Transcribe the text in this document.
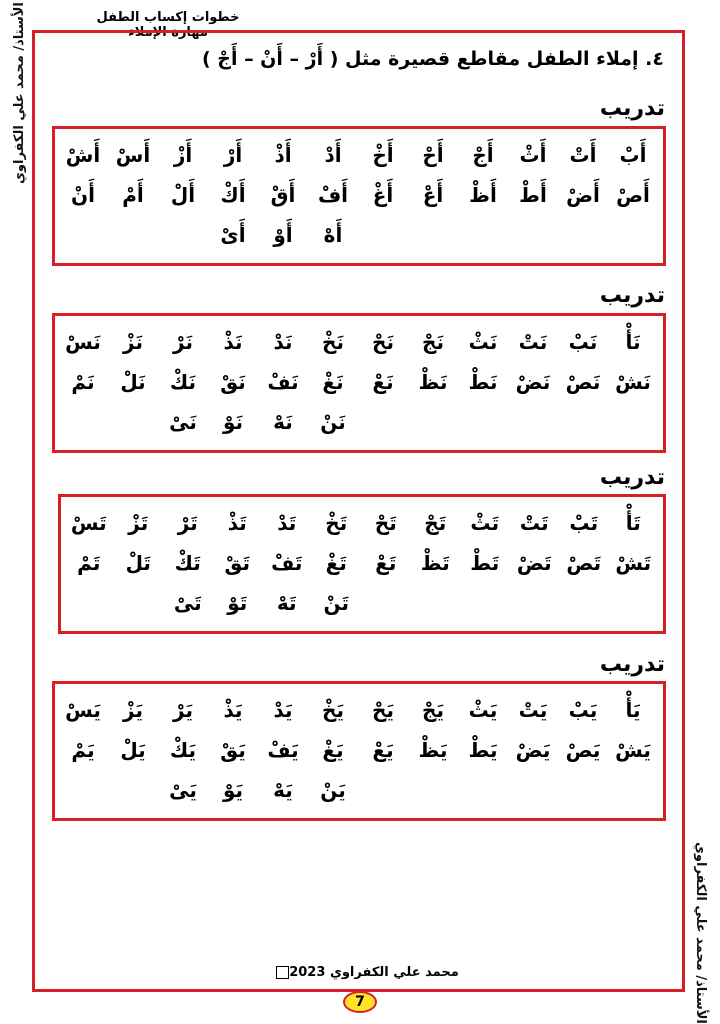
خطوات إكساب الطفل
الأستاذ/ محمد علي الكفراوي
الأستاذ/ محمد علي الكفراوي
٤. إملاء الطفل مقاطع قصيرة مثل ( أَرْ – أَنْ – أَجْ )
تدريب
أَبْ
أَتْ
أَثْ
أَجْ
أَحْ
أَخْ
أَدْ
أَذْ
أَرْ
أَزْ
أَسْ
أَشْ
أَصْ
أَضْ
أَطْ
أَظْ
أَعْ
أَغْ
أَفْ
أَقْ
أَكْ
أَلْ
أَمْ
أَنْ
أَهْ
أَوْ
أَىْ
تدريب
نَأْ
نَبْ
نَتْ
نَثْ
نَجْ
نَحْ
نَخْ
نَدْ
نَذْ
نَرْ
نَزْ
نَسْ
نَشْ
نَصْ
نَضْ
نَطْ
نَظْ
نَعْ
نَغْ
نَفْ
نَقْ
نَكْ
نَلْ
نَمْ
نَنْ
نَهْ
نَوْ
نَىْ
تدريب
تَأْ
تَبْ
تَتْ
تَثْ
تَجْ
تَحْ
تَخْ
تَدْ
تَذْ
تَرْ
تَزْ
تَسْ
تَشْ
تَصْ
تَضْ
تَطْ
تَظْ
تَعْ
تَغْ
تَفْ
تَقْ
تَكْ
تَلْ
تَمْ
تَنْ
تَهْ
تَوْ
تَىْ
تدريب
يَأْ
يَبْ
يَتْ
يَثْ
يَجْ
يَحْ
يَخْ
يَدْ
يَذْ
يَرْ
يَزْ
يَسْ
يَشْ
يَصْ
يَضْ
يَطْ
يَظْ
يَعْ
يَغْ
يَفْ
يَقْ
يَكْ
يَلْ
يَمْ
يَنْ
يَهْ
يَوْ
يَىْ
محمد علي الكفراوي 2023
7
